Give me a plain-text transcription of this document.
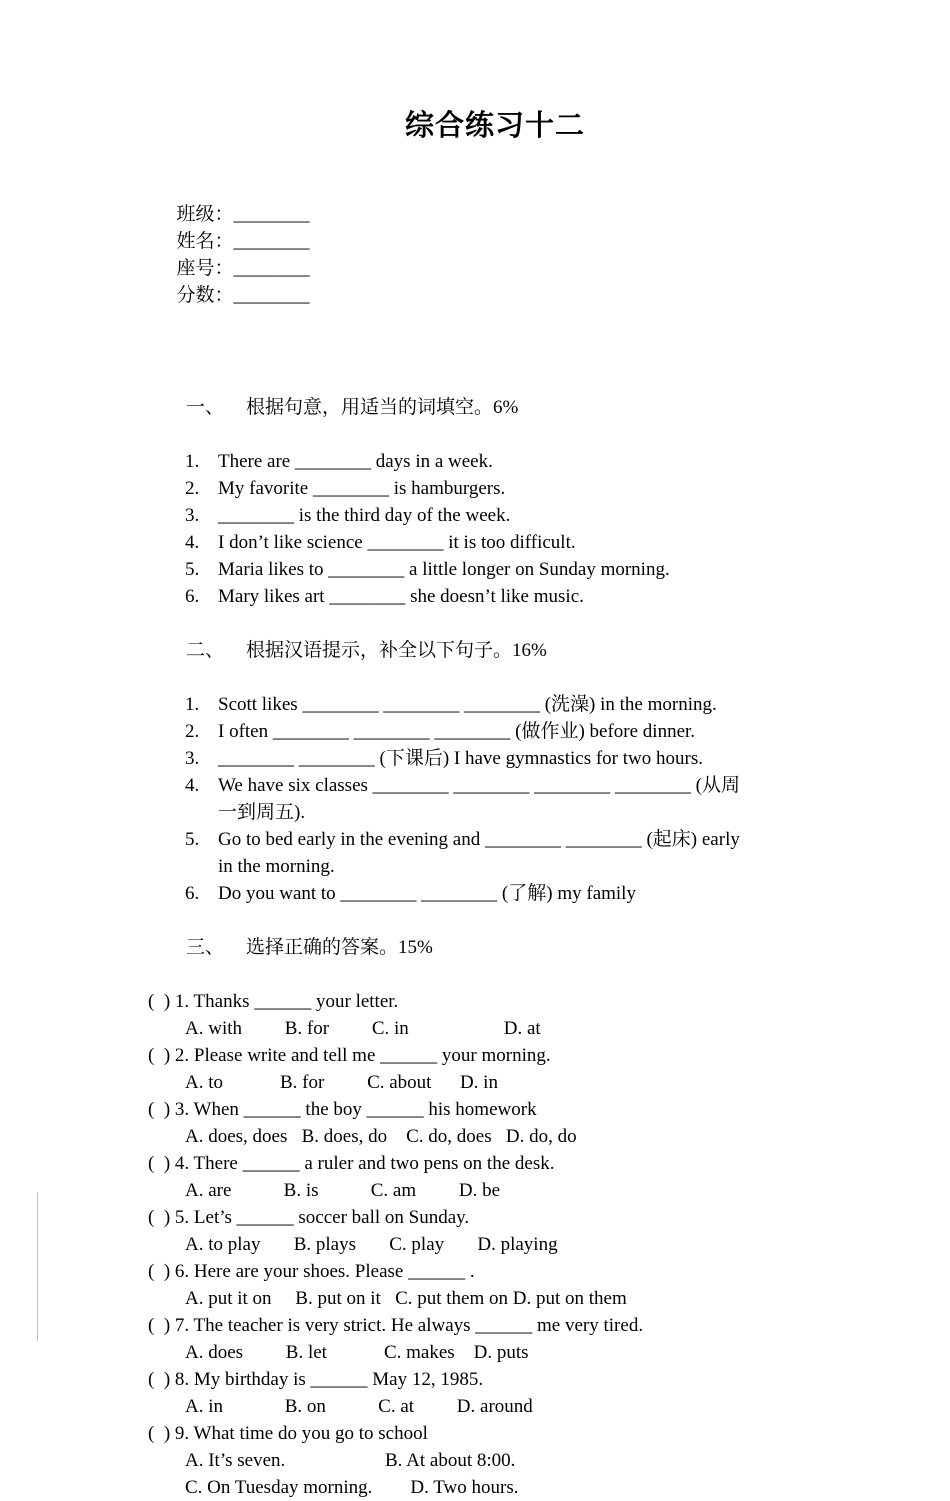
综合练习十二

班级：________
姓名：________
座号：________
分数：________

一、 根据句意，用适当的词填空。6%

1. There are ________ days in a week.
2. My favorite ________ is hamburgers.
3. ________ is the third day of the week.
4. I don’t like science ________ it is too difficult.
5. Maria likes to ________ a little longer on Sunday morning.
6. Mary likes art ________ she doesn’t like music.

二、 根据汉语提示，补全以下句子。16%

1. Scott likes ________ ________ ________ (洗澡) in the morning.
2. I often ________ ________ ________ (做作业) before dinner.
3. ________ ________ (下课后) I have gymnastics for two hours.
4. We have six classes ________ ________ ________ ________ (从周
一到周五).
5. Go to bed early in the evening and ________ ________ (起床) early
in the morning.
6. Do you want to ________ ________ (了解) my family

三、 选择正确的答案。15%

(  ) 1. Thanks ______ your letter.
A. with         B. for         C. in                    D. at
(  ) 2. Please write and tell me ______ your morning.
A. to            B. for         C. about      D. in
(  ) 3. When ______ the boy ______ his homework
A. does, does   B. does, do    C. do, does   D. do, do
(  ) 4. There ______ a ruler and two pens on the desk.
A. are           B. is           C. am         D. be
(  ) 5. Let’s ______ soccer ball on Sunday.
A. to play       B. plays       C. play       D. playing
(  ) 6. Here are your shoes. Please ______ .
A. put it on     B. put on it   C. put them on D. put on them
(  ) 7. The teacher is very strict. He always ______ me very tired.
A. does         B. let            C. makes    D. puts
(  ) 8. My birthday is ______ May 12, 1985.
A. in             B. on           C. at         D. around
(  ) 9. What time do you go to school
A. It’s seven.                     B. At about 8:00.
C. On Tuesday morning.        D. Two hours.
